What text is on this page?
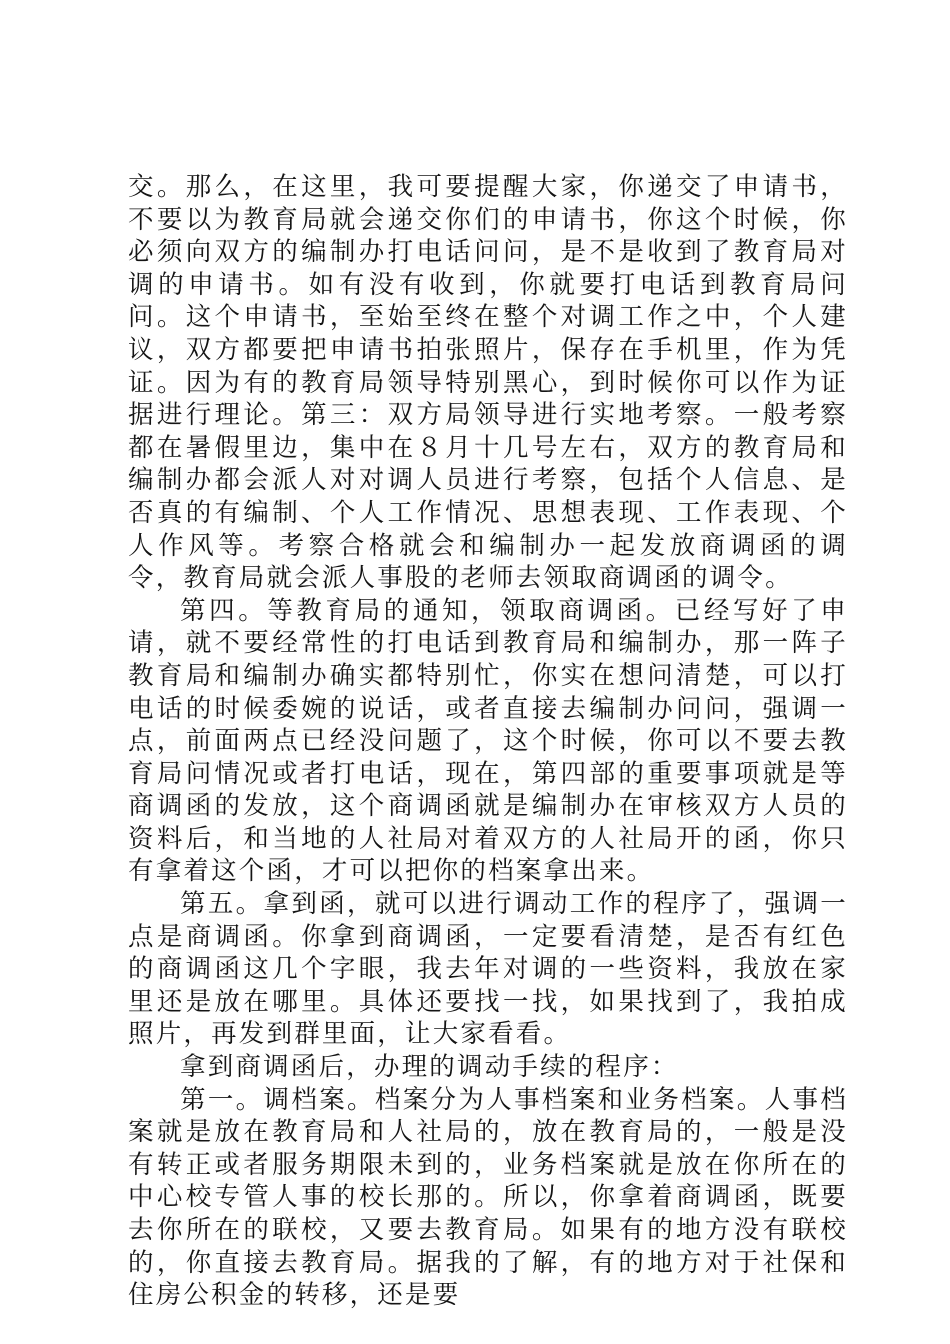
交。那么，在这里，我可要提醒大家，你递交了申请书，不要以为教育局就会递交你们的申请书，你这个时候，你必须向双方的编制办打电话问问，是不是收到了教育局对调的申请书。如有没有收到，你就要打电话到教育局问问。这个申请书，至始至终在整个对调工作之中，个人建议，双方都要把申请书拍张照片，保存在手机里，作为凭证。因为有的教育局领导特别黑心，到时候你可以作为证据进行理论。第三：双方局领导进行实地考察。一般考察都在暑假里边，集中在８月十几号左右，双方的教育局和编制办都会派人对对调人员进行考察，包括个人信息、是否真的有编制、个人工作情况、思想表现、工作表现、个人作风等。考察合格就会和编制办一起发放商调函的调令，教育局就会派人事股的老师去领取商调函的调令。

第四。等教育局的通知，领取商调函。已经写好了申请，就不要经常性的打电话到教育局和编制办，那一阵子教育局和编制办确实都特别忙，你实在想问清楚，可以打电话的时候委婉的说话，或者直接去编制办问问，强调一点，前面两点已经没问题了，这个时候，你可以不要去教育局问情况或者打电话，现在，第四部的重要事项就是等商调函的发放，这个商调函就是编制办在审核双方人员的资料后，和当地的人社局对着双方的人社局开的函，你只有拿着这个函，才可以把你的档案拿出来。

第五。拿到函，就可以进行调动工作的程序了，强调一点是商调函。你拿到商调函，一定要看清楚，是否有红色的商调函这几个字眼，我去年对调的一些资料，我放在家里还是放在哪里。具体还要找一找，如果找到了，我拍成照片，再发到群里面，让大家看看。

拿到商调函后，办理的调动手续的程序：

第一。调档案。档案分为人事档案和业务档案。人事档案就是放在教育局和人社局的，放在教育局的，一般是没有转正或者服务期限未到的，业务档案就是放在你所在的中心校专管人事的校长那的。所以，你拿着商调函，既要去你所在的联校，又要去教育局。如果有的地方没有联校的，你直接去教育局。据我的了解，有的地方对于社保和住房公积金的转移，还是要
